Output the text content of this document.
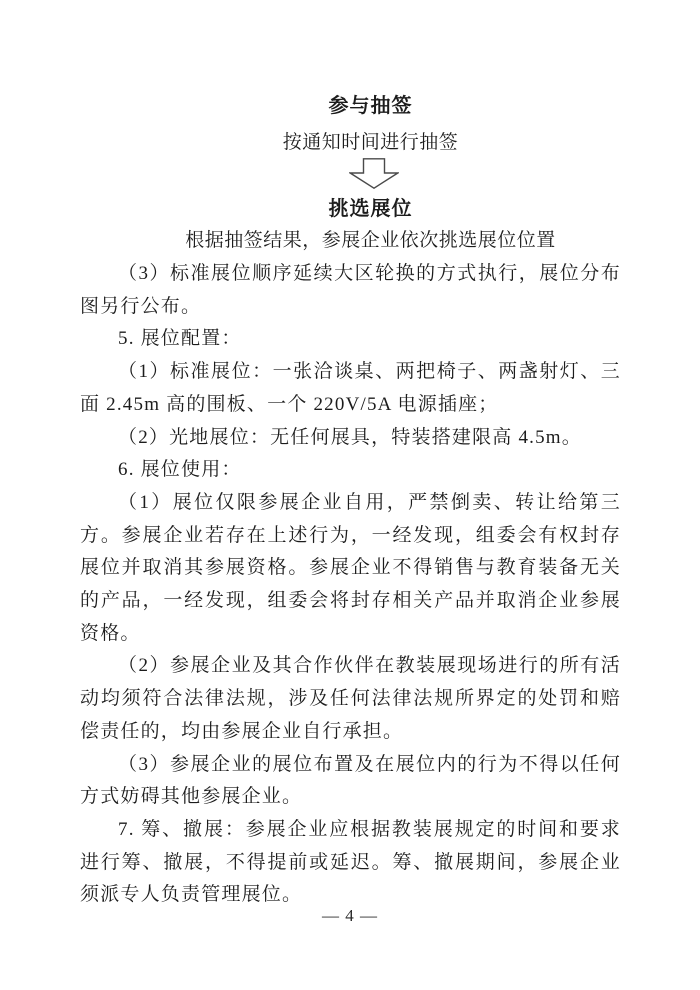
参与抽签

按通知时间进行抽签

挑选展位

根据抽签结果，参展企业依次挑选展位位置

（3）标准展位顺序延续大区轮换的方式执行，展位分布图另行公布。

5. 展位配置：

（1）标准展位：一张洽谈桌、两把椅子、两盏射灯、三面 2.45m 高的围板、一个 220V/5A 电源插座；

（2）光地展位：无任何展具，特装搭建限高 4.5m。

6. 展位使用：

（1）展位仅限参展企业自用，严禁倒卖、转让给第三方。参展企业若存在上述行为，一经发现，组委会有权封存展位并取消其参展资格。参展企业不得销售与教育装备无关的产品，一经发现，组委会将封存相关产品并取消企业参展资格。

（2）参展企业及其合作伙伴在教装展现场进行的所有活动均须符合法律法规，涉及任何法律法规所界定的处罚和赔偿责任的，均由参展企业自行承担。

（3）参展企业的展位布置及在展位内的行为不得以任何方式妨碍其他参展企业。

7. 筹、撤展：参展企业应根据教装展规定的时间和要求进行筹、撤展，不得提前或延迟。筹、撤展期间，参展企业须派专人负责管理展位。

— 4 —
